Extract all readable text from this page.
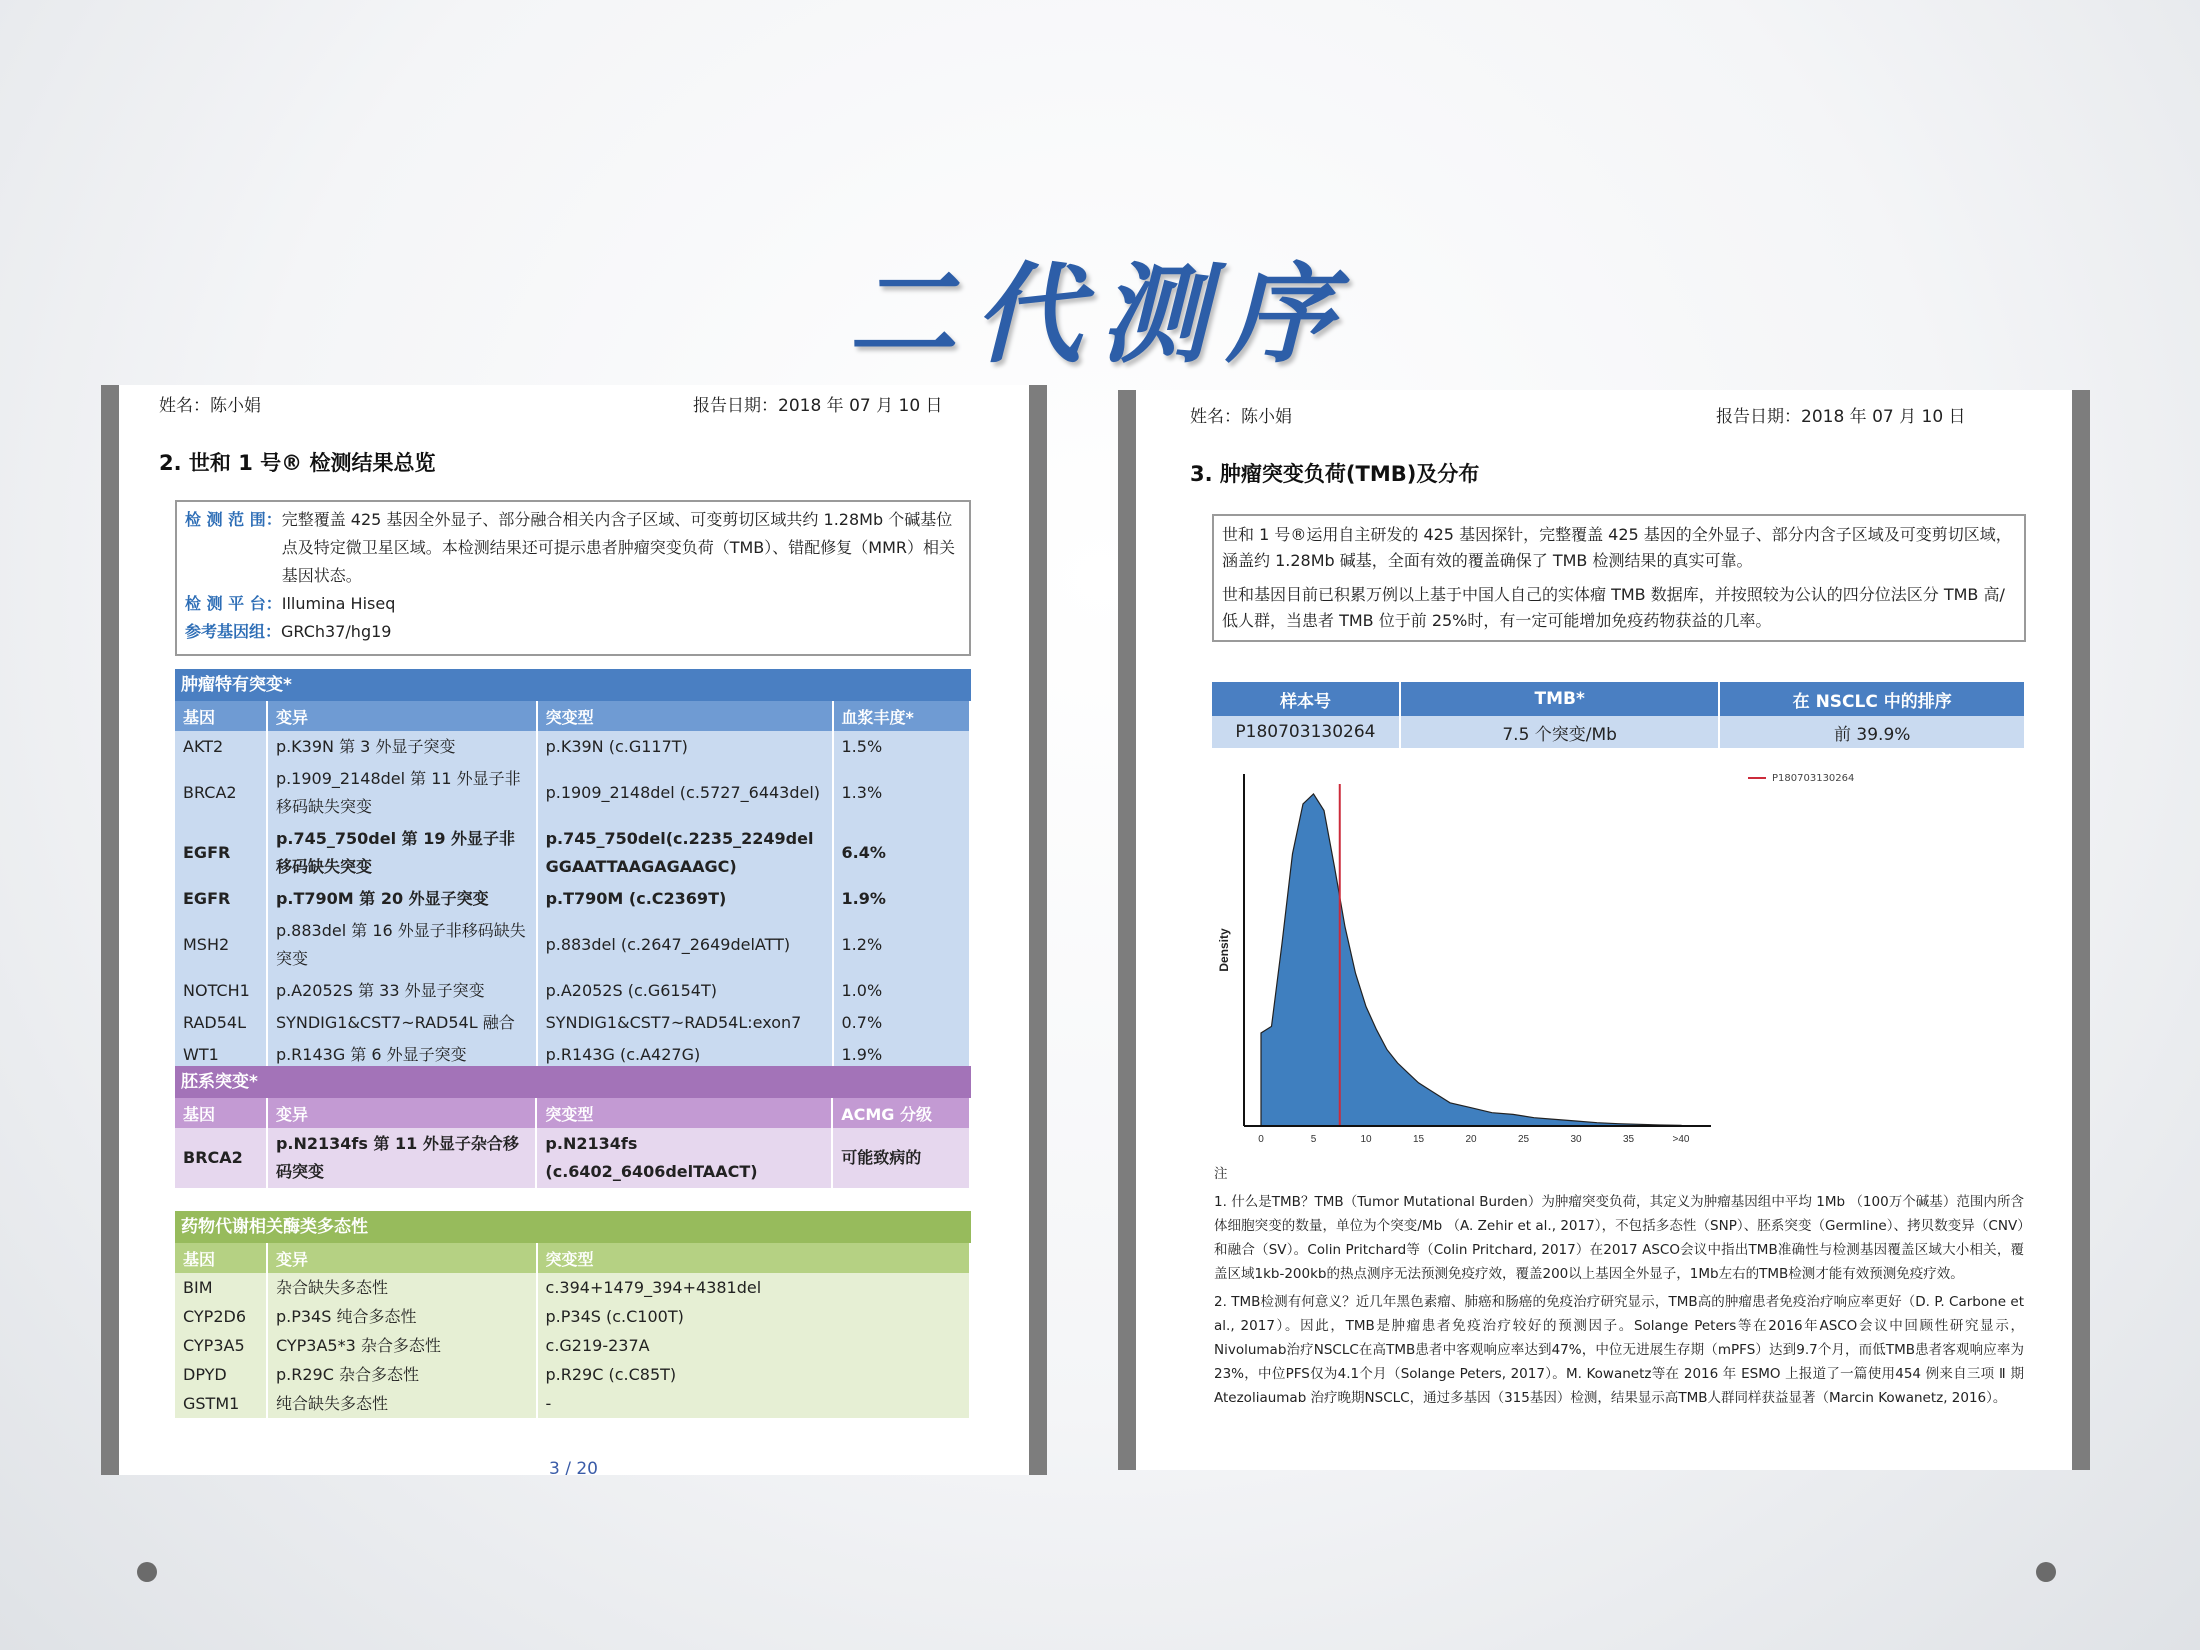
二代测序
姓名：陈小娟	报告日期：2018 年 07 月 10 日
2. 世和 1 号® 检测结果总览
检 测 范 围： 完整覆盖 425 基因全外显子、部分融合相关内含子区域、可变剪切区域共约 1.28Mb 个碱基位点及特定微卫星区域。本检测结果还可提示患者肿瘤突变负荷（TMB）、错配修复（MMR）相关基因状态。
检 测 平 台：Illumina Hiseq
参考基因组：GRCh37/hg19
肿瘤特有突变*
基因	变异	突变型	血浆丰度*
AKT2	p.K39N 第 3 外显子突变	p.K39N (c.G117T)	1.5%
BRCA2	p.1909_2148del 第 11 外显子非移码缺失突变	p.1909_2148del (c.5727_6443del)	1.3%
EGFR	p.745_750del 第 19 外显子非移码缺失突变	p.745_750del(c.2235_2249del GGAATTAAGAGAAGC)	6.4%
EGFR	p.T790M 第 20 外显子突变	p.T790M (c.C2369T)	1.9%
MSH2	p.883del 第 16 外显子非移码缺失突变	p.883del (c.2647_2649delATT)	1.2%
NOTCH1	p.A2052S 第 33 外显子突变	p.A2052S (c.G6154T)	1.0%
RAD54L	SYNDIG1&CST7~RAD54L 融合	SYNDIG1&CST7~RAD54L:exon7	0.7%
WT1	p.R143G 第 6 外显子突变	p.R143G (c.A427G)	1.9%
胚系突变*
基因	变异	突变型	ACMG 分级
BRCA2	p.N2134fs 第 11 外显子杂合移码突变	p.N2134fs (c.6402_6406delTAACT)	可能致病的
药物代谢相关酶类多态性
基因	变异	突变型
BIM	杂合缺失多态性	c.394+1479_394+4381del
CYP2D6	p.P34S 纯合多态性	p.P34S (c.C100T)
CYP3A5	CYP3A5*3 杂合多态性	c.G219-237A
DPYD	p.R29C 杂合多态性	p.R29C (c.C85T)
GSTM1	纯合缺失多态性	-
3 / 20
姓名：陈小娟	报告日期：2018 年 07 月 10 日
3. 肿瘤突变负荷(TMB)及分布

世和 1 号®运用自主研发的 425 基因探针，完整覆盖 425 基因的全外显子、部分内含子区域及可变剪切区域，涵盖约 1.28Mb 碱基，全面有效的覆盖确保了 TMB 检测结果的真实可靠。

世和基因目前已积累万例以上基于中国人自己的实体瘤 TMB 数据库，并按照较为公认的四分位法区分 TMB 高/低人群，当患者 TMB 位于前 25%时，有一定可能增加免疫药物获益的几率。

样本号	TMB*	在 NSCLC 中的排序
P180703130264	7.5 个突变/Mb	前 39.9%
0	5	10	15	20	25	30	35	>40
Density
P180703130264

注

1. 什么是TMB？TMB（Tumor Mutational Burden）为肿瘤突变负荷，其定义为肿瘤基因组中平均 1Mb （100万个碱基）范围内所含体细胞突变的数量，单位为个突变/Mb （A. Zehir et al., 2017），不包括多态性（SNP）、胚系突变（Germline）、拷贝数变异（CNV）和融合（SV）。Colin Pritchard等（Colin Pritchard, 2017）在2017 ASCO会议中指出TMB准确性与检测基因覆盖区域大小相关，覆盖区域1kb-200kb的热点测序无法预测免疫疗效，覆盖200以上基因全外显子，1Mb左右的TMB检测才能有效预测免疫疗效。

2. TMB检测有何意义？近几年黑色素瘤、肺癌和肠癌的免疫治疗研究显示，TMB高的肿瘤患者免疫治疗响应率更好（D. P. Carbone et al., 2017）。因此，TMB是肿瘤患者免疫治疗较好的预测因子。Solange Peters等在2016年ASCO会议中回顾性研究显示，Nivolumab治疗NSCLC在高TMB患者中客观响应率达到47%，中位无进展生存期（mPFS）达到9.7个月，而低TMB患者客观响应率为23%，中位PFS仅为4.1个月（Solange Peters, 2017）。M. Kowanetz等在 2016 年 ESMO 上报道了一篇使用454 例来自三项 Ⅱ 期 Atezoliaumab 治疗晚期NSCLC，通过多基因（315基因）检测，结果显示高TMB人群同样获益显著（Marcin Kowanetz, 2016）。
